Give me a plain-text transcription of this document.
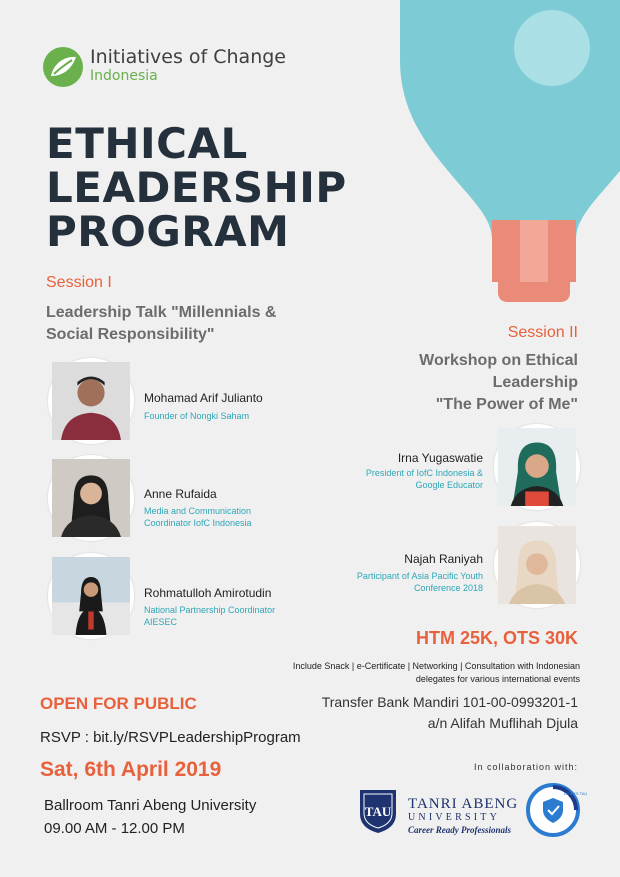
Initiatives of Change
Indonesia
ETHICAL
LEADERSHIP
PROGRAM
Session I
Leadership Talk "Millennials & Social Responsibility"
Mohamad Arif Julianto
Founder of Nongki Saham
Anne Rufaida
Media and Communication Coordinator IofC Indonesia
Rohmatulloh Amirotudin
National Partnership Coordinator AIESEC
Session II
Workshop on Ethical
Leadership
"The Power of Me"
Irna Yugaswatie
President of IofC Indonesia & Google Educator
Najah Raniyah
Participant of Asia Pacific Youth Conference 2018
HTM 25K, OTS 30K
Include Snack | e-Certificate | Networking | Consultation with Indonesian delegates for various international events
Transfer Bank Mandiri 101-00-0993201-1
a/n Alifah Muflihah Djula
OPEN FOR PUBLIC
RSVP : bit.ly/RSVPLeadershipProgram
Sat, 6th April 2019
Ballroom Tanri Abeng University
09.00 AM - 12.00 PM
In collaboration with:
TAU TANRI ABENG
UNIVERSITY
Career Ready Professionals
DEAN'S TAU
